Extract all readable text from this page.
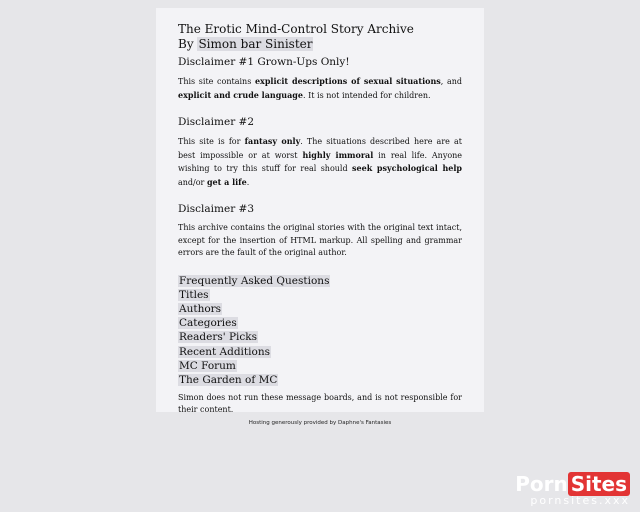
The Erotic Mind-Control Story Archive
By Simon bar Sinister
Disclaimer #1 Grown-Ups Only!

This site contains explicit descriptions of sexual situations, and explicit and crude language. It is not intended for children.

Disclaimer #2

This site is for fantasy only. The situations described here are at best impossible or at worst highly immoral in real life. Anyone wishing to try this stuff for real should seek psychological help and/or get a life.

Disclaimer #3

This archive contains the original stories with the original text intact, except for the insertion of HTML markup. All spelling and grammar errors are the fault of the original author.

Frequently Asked Questions
Titles
Authors
Categories
Readers' Picks
Recent Additions
MC Forum
The Garden of MC

Simon does not run these message boards, and is not responsible for their content.

Hosting generously provided by Daphne's Fantasies
Porn Sites
pornsites.xxx
